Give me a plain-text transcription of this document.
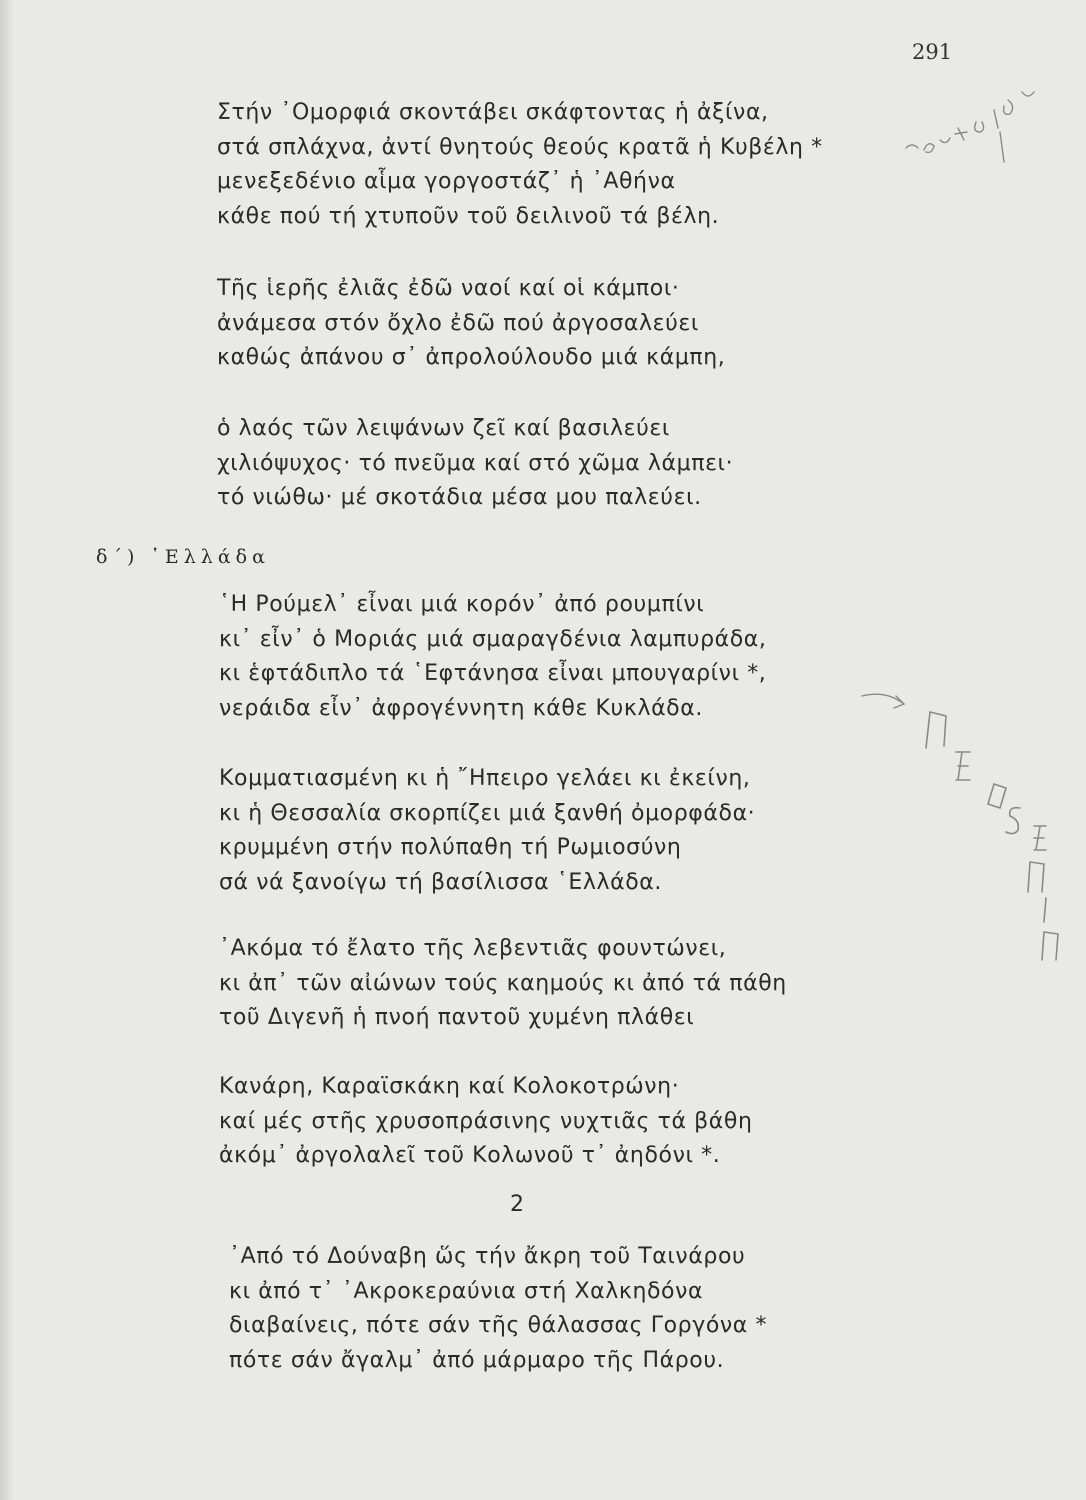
291
Στήν ᾿Ομορφιά σκοντάβει σκάφτοντας ἡ ἀξίνα,
στά σπλάχνα, ἀντί θνητούς θεούς κρατᾶ ἡ Κυβέλη *
μενεξεδένιο αἷμα γοργοστάζ᾿ ἡ ᾿Αθήνα
κάθε πού τή χτυποῦν τοῦ δειλινοῦ τά βέλη.
Τῆς ἱερῆς ἐλιᾶς ἐδῶ ναοί καί οἱ κάμποι·
ἀνάμεσα στόν ὄχλο ἐδῶ πού ἀργοσαλεύει
καθώς ἀπάνου σ᾿ ἀπρολούλουδο μιά κάμπη,
ὁ λαός τῶν λειψάνων ζεῖ καί βασιλεύει
χιλιόψυχος· τό πνεῦμα καί στό χῶμα λάμπει·
τό νιώθω· μέ σκοτάδια μέσα μου παλεύει.
δ΄) ῾Ελλάδα
῾Η Ρούμελ᾿ εἶναι μιά κορόν᾿ ἀπό ρουμπίνι
κι᾿ εἶν᾿ ὁ Μοριάς μιά σμαραγδένια λαμπυράδα,
κι ἑφτάδιπλο τά ῾Εφτάνησα εἶναι μπουγαρίνι *,
νεράιδα εἶν᾿ ἀφρογέννητη κάθε Κυκλάδα.
Κομματιασμένη κι ἡ ῎Ηπειρο γελάει κι ἐκείνη,
κι ἡ Θεσσαλία σκορπίζει μιά ξανθή ὀμορφάδα·
κρυμμένη στήν πολύπαθη τή Ρωμιοσύνη
σά νά ξανοίγω τή βασίλισσα ῾Ελλάδα.
᾿Ακόμα τό ἔλατο τῆς λεβεντιᾶς φουντώνει,
κι ἀπ᾿ τῶν αἰώνων τούς καημούς κι ἀπό τά πάθη
τοῦ Διγενῆ ἡ πνοή παντοῦ χυμένη πλάθει
Κανάρη, Καραϊσκάκη καί Κολοκοτρώνη·
καί μές στῆς χρυσοπράσινης νυχτιᾶς τά βάθη
ἀκόμ᾿ ἀργολαλεῖ τοῦ Κολωνοῦ τ᾿ ἀηδόνι *.
2
᾿Από τό Δούναβη ὥς τήν ἄκρη τοῦ Ταινάρου
κι ἀπό τ᾿ ᾿Ακροκεραύνια στή Χαλκηδόνα
διαβαίνεις, πότε σάν τῆς θάλασσας Γοργόνα *
πότε σάν ἄγαλμ᾿ ἀπό μάρμαρο τῆς Πάρου.
